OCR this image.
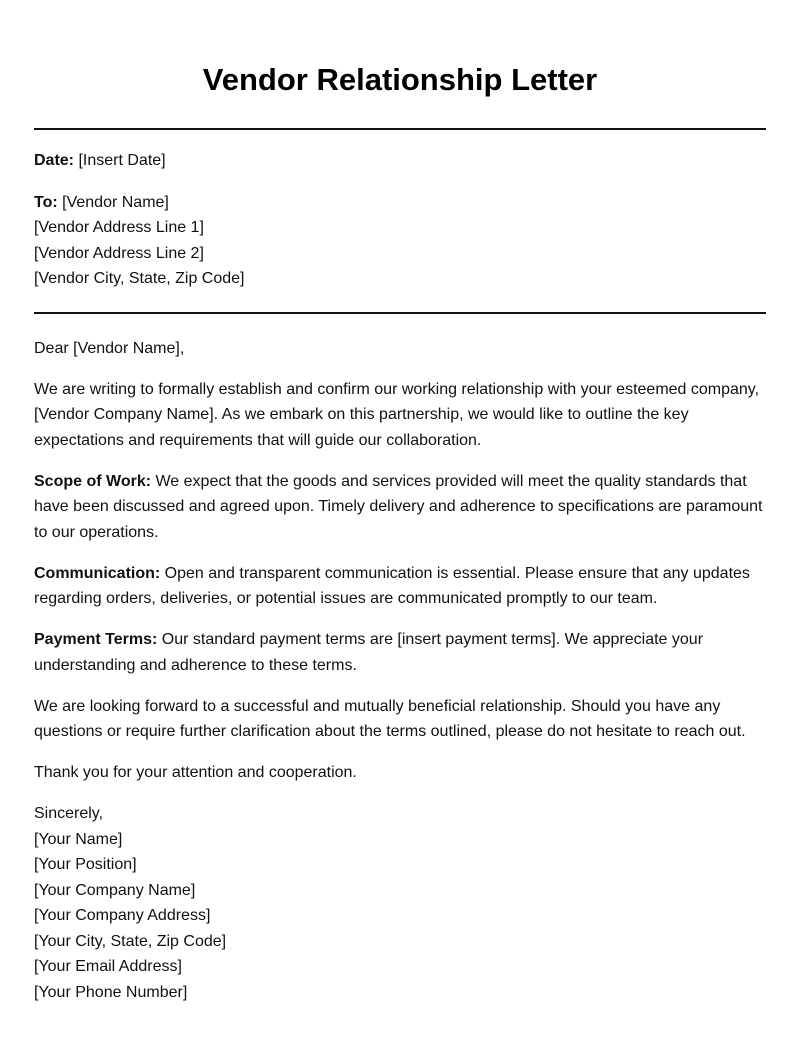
Vendor Relationship Letter

Date: [Insert Date]

To: [Vendor Name]
[Vendor Address Line 1]
[Vendor Address Line 2]
[Vendor City, State, Zip Code]

Dear [Vendor Name],

We are writing to formally establish and confirm our working relationship with your esteemed company, [Vendor Company Name]. As we embark on this partnership, we would like to outline the key expectations and requirements that will guide our collaboration.

Scope of Work: We expect that the goods and services provided will meet the quality standards that have been discussed and agreed upon. Timely delivery and adherence to specifications are paramount to our operations.

Communication: Open and transparent communication is essential. Please ensure that any updates regarding orders, deliveries, or potential issues are communicated promptly to our team.

Payment Terms: Our standard payment terms are [insert payment terms]. We appreciate your understanding and adherence to these terms.

We are looking forward to a successful and mutually beneficial relationship. Should you have any questions or require further clarification about the terms outlined, please do not hesitate to reach out.

Thank you for your attention and cooperation.

Sincerely,
[Your Name]
[Your Position]
[Your Company Name]
[Your Company Address]
[Your City, State, Zip Code]
[Your Email Address]
[Your Phone Number]
